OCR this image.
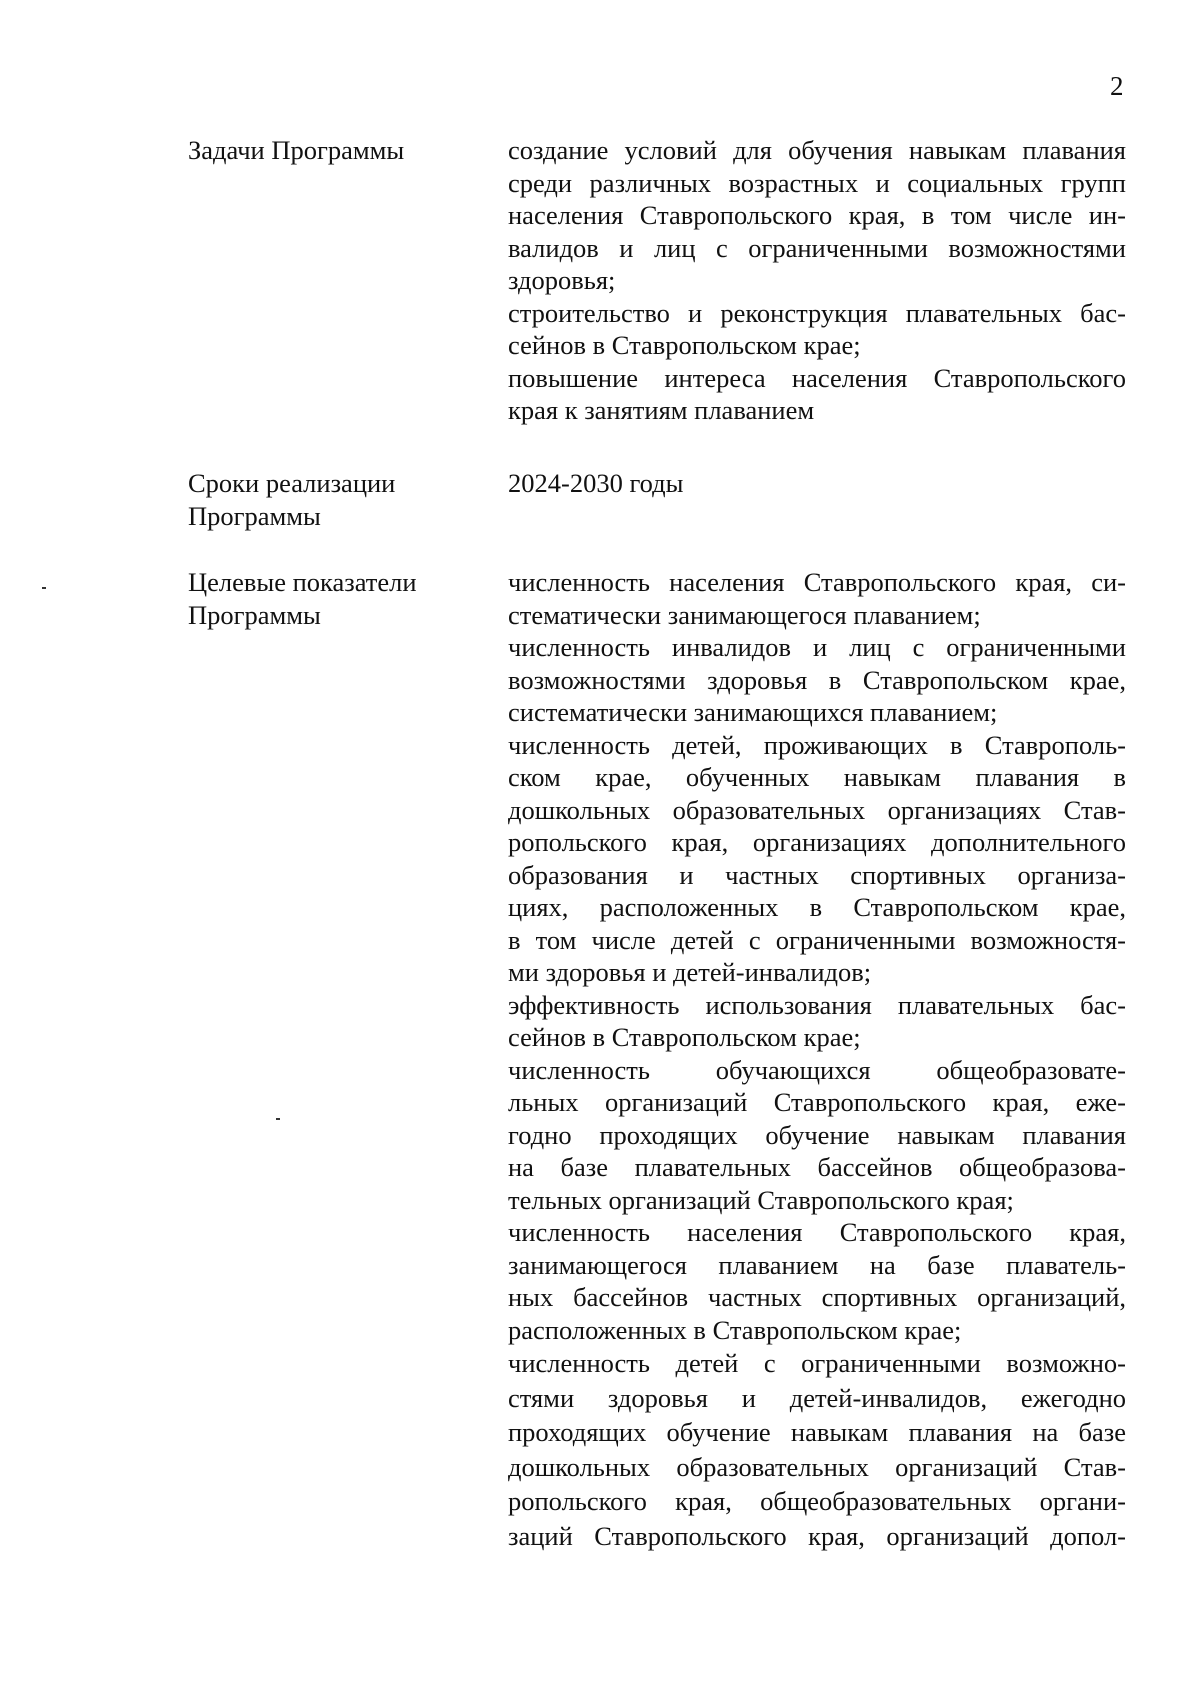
2
Задачи Программы	создание условий для обучения навыкам плавания
среди различных возрастных и социальных групп
населения Ставропольского края, в том числе ин-
валидов и лиц с ограниченными возможностями
здоровья;
строительство и реконструкция плавательных бас-
сейнов в Ставропольском крае;
повышение интереса населения Ставропольского
края к занятиям плаванием
Сроки реализации
Программы
2024-2030 годы
Целевые показатели
Программы
численность населения Ставропольского края, си-
стематически занимающегося плаванием;
численность инвалидов и лиц с ограниченными
возможностями здоровья в Ставропольском крае,
систематически занимающихся плаванием;
численность детей, проживающих в Ставрополь-
ском крае, обученных навыкам плавания в
дошкольных образовательных организациях Став-
ропольского края, организациях дополнительного
образования и частных спортивных организа-
циях, расположенных в Ставропольском крае,
в том числе детей с ограниченными возможностя-
ми здоровья и детей-инвалидов;
эффективность использования плавательных бас-
сейнов в Ставропольском крае;
численность обучающихся общеобразовате-
льных организаций Ставропольского края, еже-
годно проходящих обучение навыкам плавания
на базе плавательных бассейнов общеобразова-
тельных организаций Ставропольского края;
численность населения Ставропольского края,
занимающегося плаванием на базе плаватель-
ных бассейнов частных спортивных организаций,
расположенных в Ставропольском крае;
численность детей с ограниченными возможно-
стями здоровья и детей-инвалидов, ежегодно
проходящих обучение навыкам плавания на базе
дошкольных образовательных организаций Став-
ропольского края, общеобразовательных органи-
заций Ставропольского края, организаций допол-
